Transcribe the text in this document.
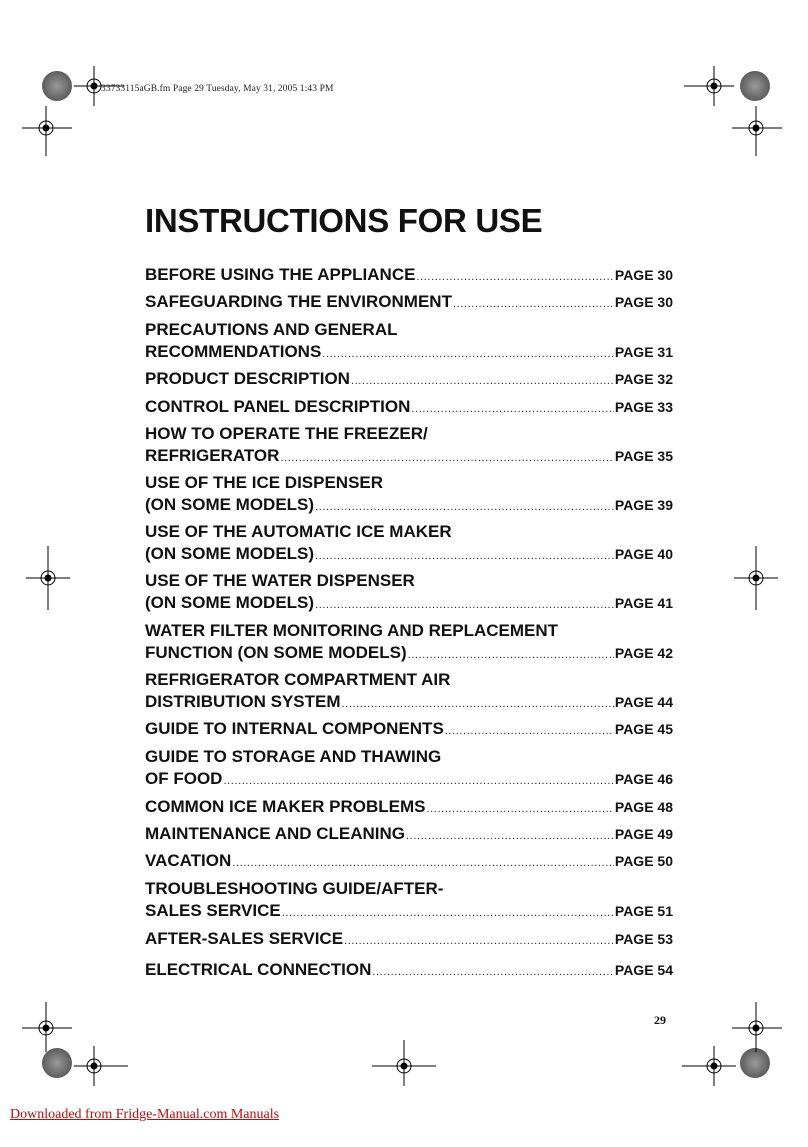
33733115aGB.fm Page 29 Tuesday, May 31, 2005 1:43 PM
INSTRUCTIONS FOR USE
BEFORE USING THE APPLIANCE .....	PAGE 30
SAFEGUARDING THE ENVIRONMENT .....	PAGE 30
PRECAUTIONS AND GENERAL
RECOMMENDATIONS .....	PAGE 31
PRODUCT DESCRIPTION .....	PAGE 32
CONTROL PANEL DESCRIPTION .....	PAGE 33
HOW TO OPERATE THE FREEZER/
REFRIGERATOR .....	PAGE 35
USE OF THE ICE DISPENSER
(ON SOME MODELS) .....	PAGE 39
USE OF THE AUTOMATIC ICE MAKER
(ON SOME MODELS) .....	PAGE 40
USE OF THE WATER DISPENSER
(ON SOME MODELS) .....	PAGE 41
WATER FILTER MONITORING AND REPLACEMENT
FUNCTION (ON SOME MODELS) .....	PAGE 42
REFRIGERATOR COMPARTMENT AIR
DISTRIBUTION SYSTEM .....	PAGE 44
GUIDE TO INTERNAL COMPONENTS .....	PAGE 45
GUIDE TO STORAGE AND THAWING
OF FOOD .....	PAGE 46
COMMON ICE MAKER PROBLEMS .....	PAGE 48
MAINTENANCE AND CLEANING .....	PAGE 49
VACATION .....	PAGE 50
TROUBLESHOOTING GUIDE/AFTER-
SALES SERVICE .....	PAGE 51
AFTER-SALES SERVICE .....	PAGE 53
ELECTRICAL CONNECTION .....	PAGE 54
29
Downloaded from Fridge-Manual.com Manuals
